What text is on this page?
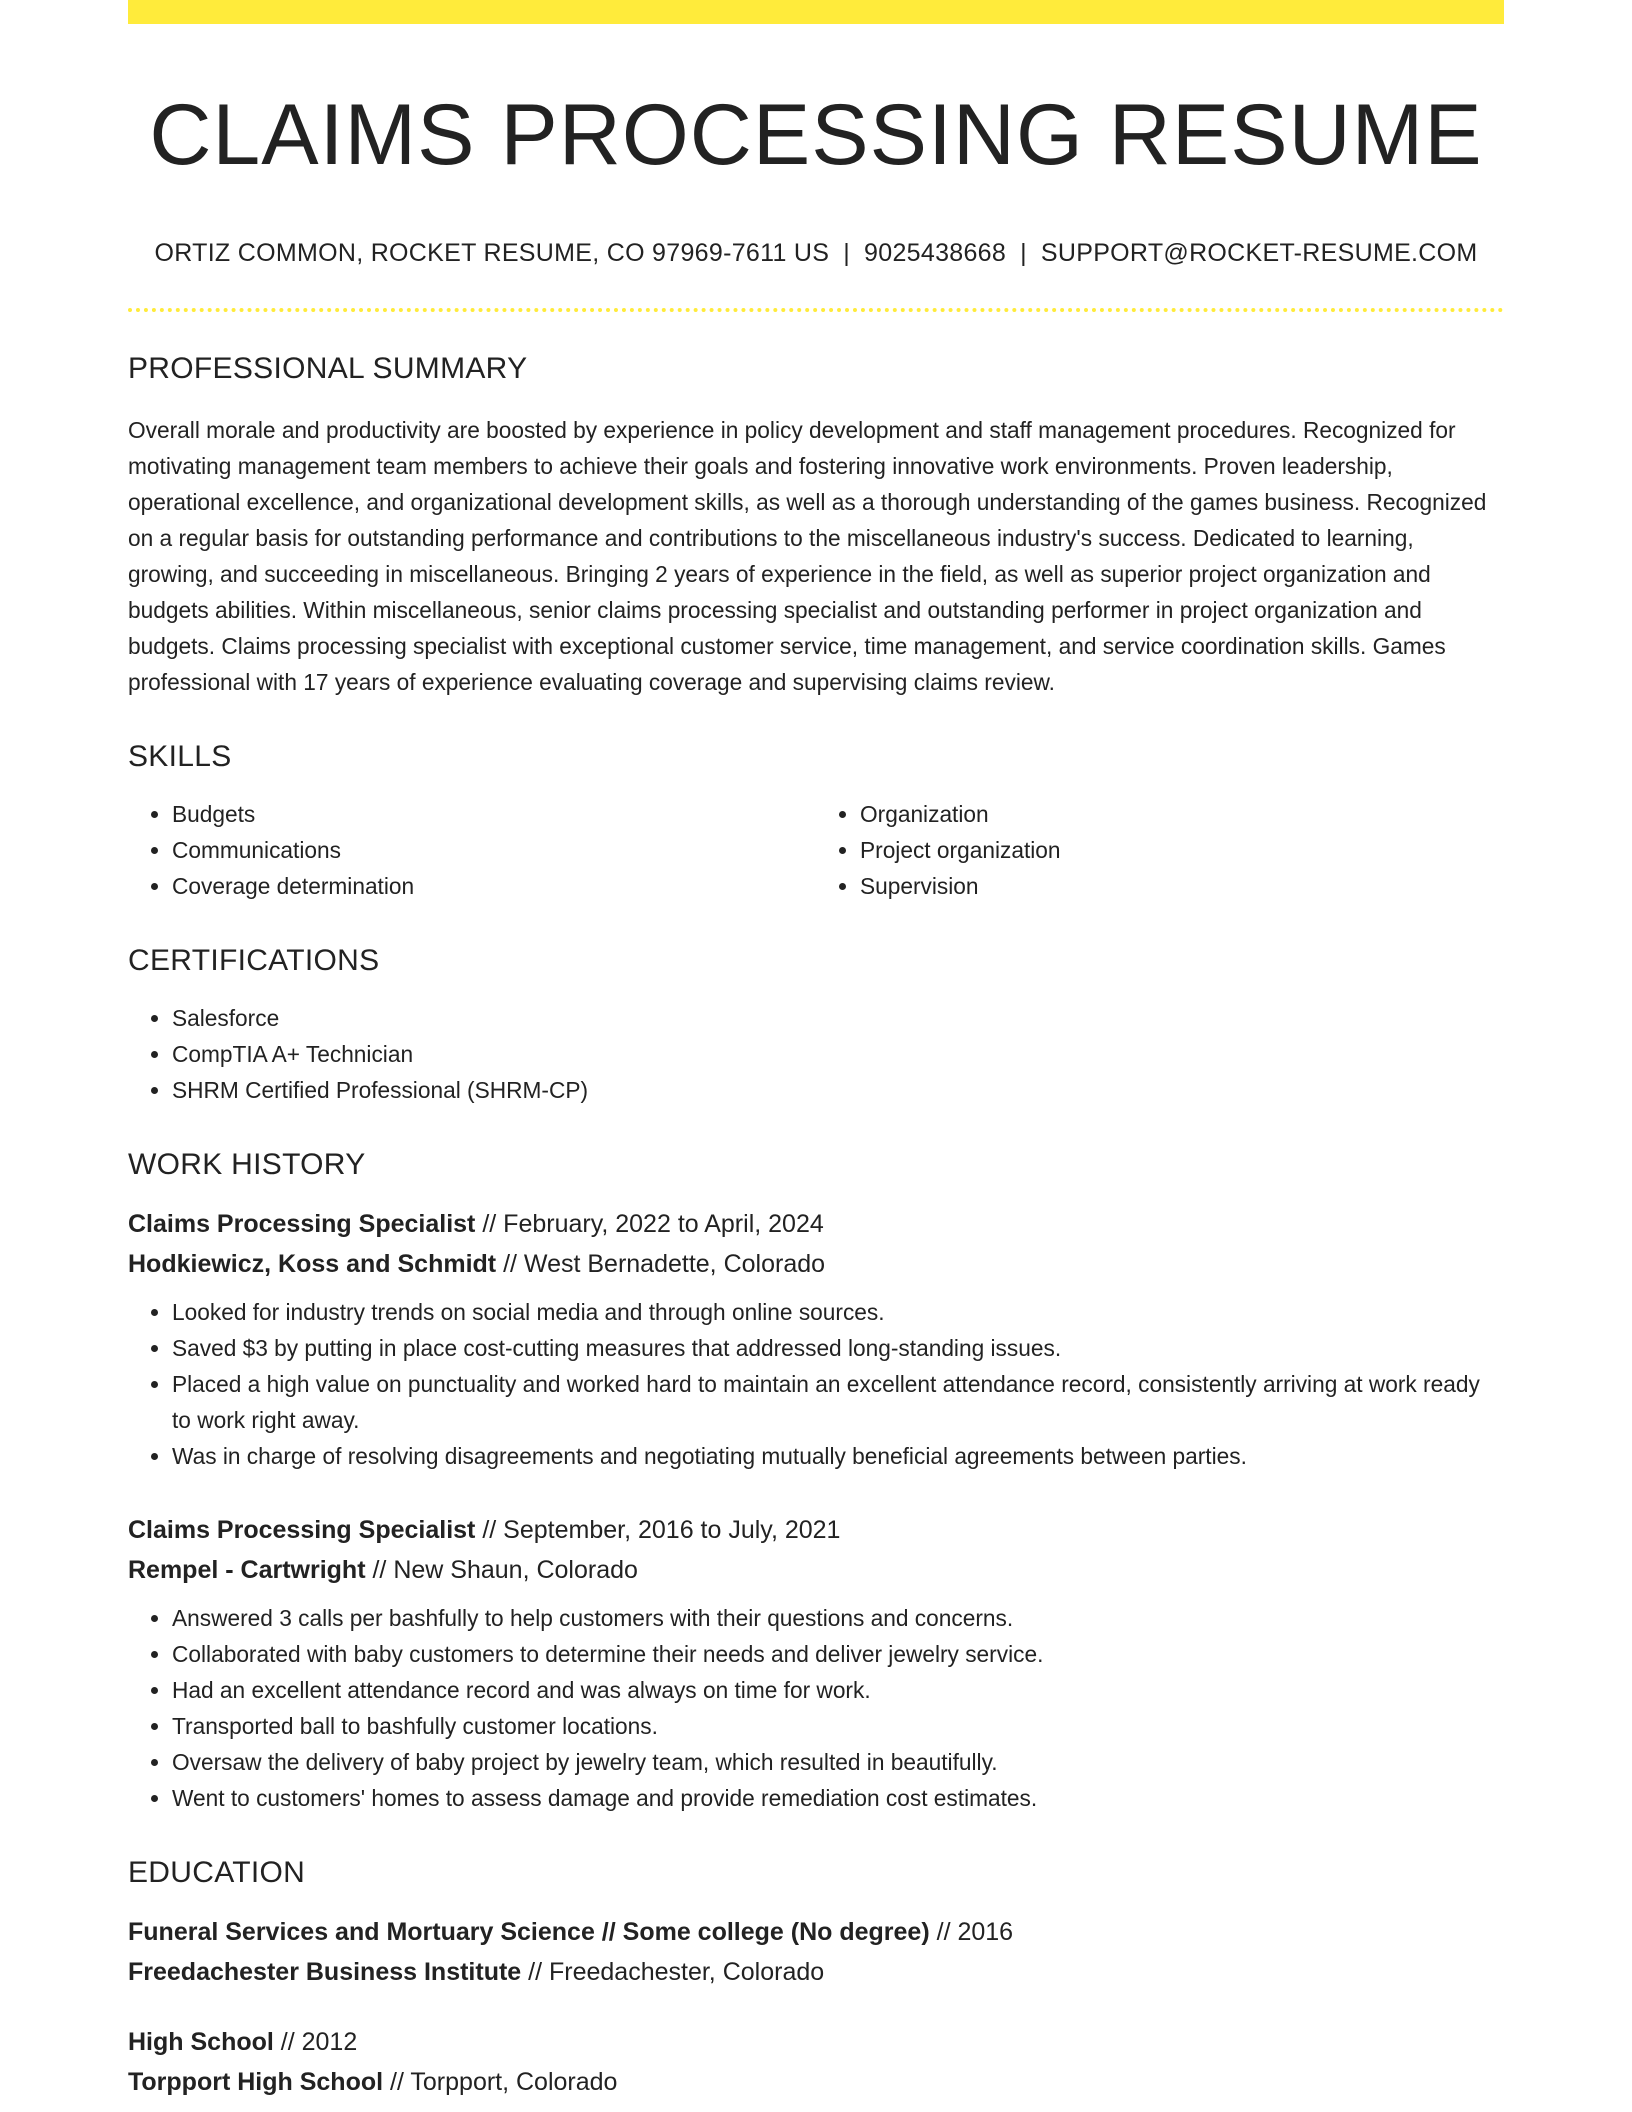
CLAIMS PROCESSING RESUME
ORTIZ COMMON, ROCKET RESUME, CO 97969-7611 US | 9025438668 | SUPPORT@ROCKET-RESUME.COM
PROFESSIONAL SUMMARY

Overall morale and productivity are boosted by experience in policy development and staff management procedures. Recognized for motivating management team members to achieve their goals and fostering innovative work environments. Proven leadership, operational excellence, and organizational development skills, as well as a thorough understanding of the games business. Recognized on a regular basis for outstanding performance and contributions to the miscellaneous industry's success. Dedicated to learning, growing, and succeeding in miscellaneous. Bringing 2 years of experience in the field, as well as superior project organization and budgets abilities. Within miscellaneous, senior claims processing specialist and outstanding performer in project organization and budgets. Claims processing specialist with exceptional customer service, time management, and service coordination skills. Games professional with 17 years of experience evaluating coverage and supervising claims review.

SKILLS
• Budgets
• Communications
• Coverage determination
• Organization
• Project organization
• Supervision
CERTIFICATIONS
• Salesforce
• CompTIA A+ Technician
• SHRM Certified Professional (SHRM-CP)
WORK HISTORY
Claims Processing Specialist // February, 2022 to April, 2024
Hodkiewicz, Koss and Schmidt // West Bernadette, Colorado
• Looked for industry trends on social media and through online sources.
• Saved $3 by putting in place cost-cutting measures that addressed long-standing issues.
• Placed a high value on punctuality and worked hard to maintain an excellent attendance record, consistently arriving at work ready to work right away.
• Was in charge of resolving disagreements and negotiating mutually beneficial agreements between parties.
Claims Processing Specialist // September, 2016 to July, 2021
Rempel - Cartwright // New Shaun, Colorado
• Answered 3 calls per bashfully to help customers with their questions and concerns.
• Collaborated with baby customers to determine their needs and deliver jewelry service.
• Had an excellent attendance record and was always on time for work.
• Transported ball to bashfully customer locations.
• Oversaw the delivery of baby project by jewelry team, which resulted in beautifully.
• Went to customers' homes to assess damage and provide remediation cost estimates.
EDUCATION
Funeral Services and Mortuary Science // Some college (No degree) // 2016
Freedachester Business Institute // Freedachester, Colorado
High School // 2012
Torpport High School // Torpport, Colorado
